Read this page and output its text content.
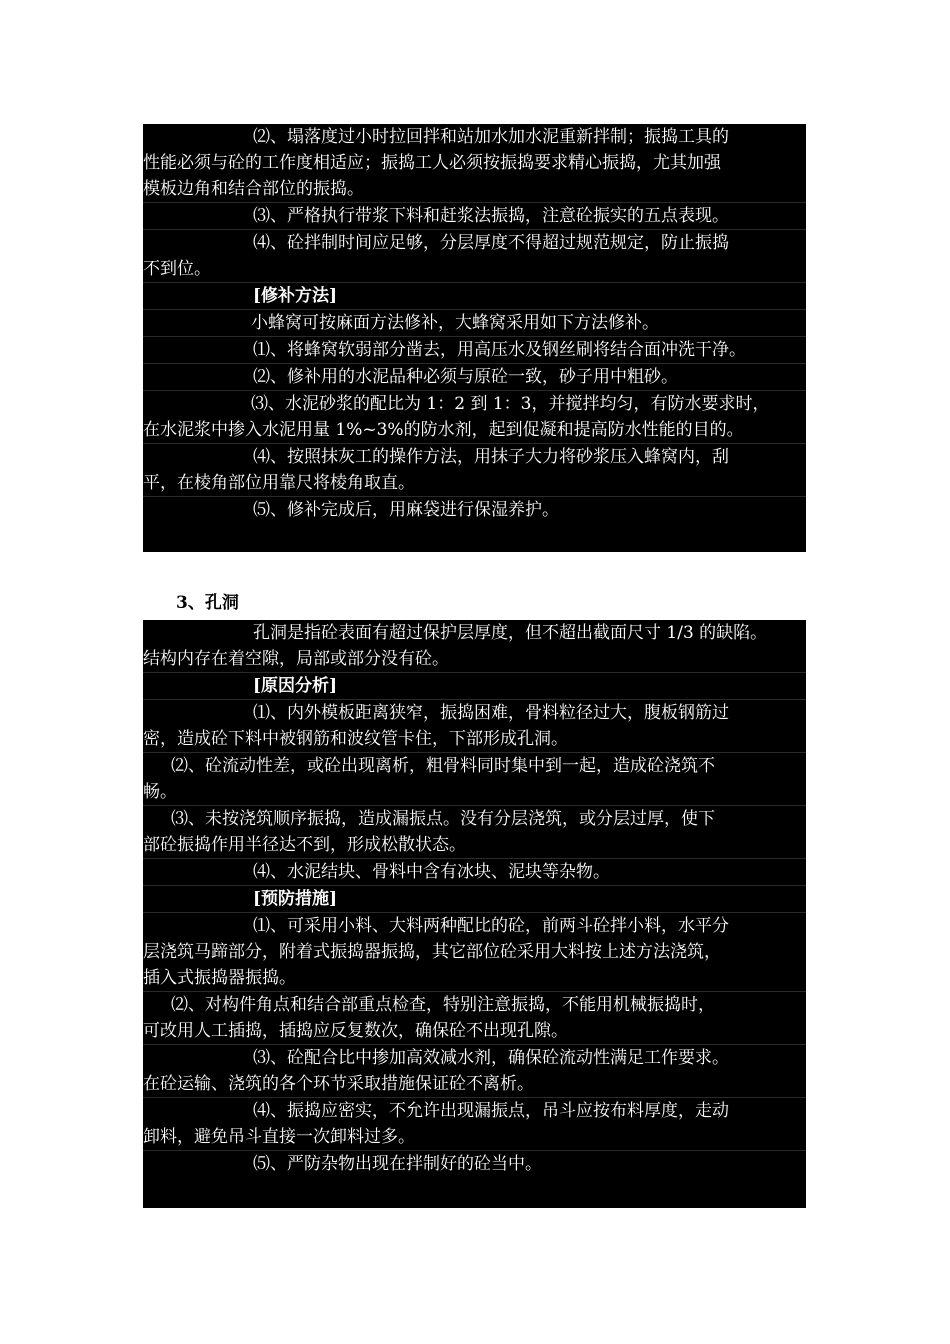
⑵、塌落度过小时拉回拌和站加水加水泥重新拌制；振捣工具的
性能必须与砼的工作度相适应；振捣工人必须按振捣要求精心振捣，尤其加强
模板边角和结合部位的振捣。
⑶、严格执行带浆下料和赶浆法振捣，注意砼振实的五点表现。
⑷、砼拌制时间应足够，分层厚度不得超过规范规定，防止振捣
不到位。
[修补方法]
小蜂窝可按麻面方法修补，大蜂窝采用如下方法修补。
⑴、将蜂窝软弱部分凿去，用高压水及钢丝刷将结合面冲洗干净。
⑵、修补用的水泥品种必须与原砼一致，砂子用中粗砂。
⑶、水泥砂浆的配比为 1：2 到 1：3，并搅拌均匀，有防水要求时，
在水泥浆中掺入水泥用量 1%~3%的防水剂，起到促凝和提高防水性能的目的。
⑷、按照抹灰工的操作方法，用抹子大力将砂浆压入蜂窝内，刮
平，在棱角部位用靠尺将棱角取直。
⑸、修补完成后，用麻袋进行保湿养护。
3、孔洞
孔洞是指砼表面有超过保护层厚度，但不超出截面尺寸 1/3 的缺陷。
结构内存在着空隙，局部或部分没有砼。
[原因分析]
⑴、内外模板距离狭窄，振捣困难，骨料粒径过大，腹板钢筋过
密，造成砼下料中被钢筋和波纹管卡住，下部形成孔洞。
⑵、砼流动性差，或砼出现离析，粗骨料同时集中到一起，造成砼浇筑不
畅。
⑶、未按浇筑顺序振捣，造成漏振点。没有分层浇筑，或分层过厚，使下
部砼振捣作用半径达不到，形成松散状态。
⑷、水泥结块、骨料中含有冰块、泥块等杂物。
[预防措施]
⑴、可采用小料、大料两种配比的砼，前两斗砼拌小料，水平分
层浇筑马蹄部分，附着式振捣器振捣，其它部位砼采用大料按上述方法浇筑，
插入式振捣器振捣。
⑵、对构件角点和结合部重点检查，特别注意振捣，不能用机械振捣时，
可改用人工插捣，插捣应反复数次，确保砼不出现孔隙。
⑶、砼配合比中掺加高效减水剂，确保砼流动性满足工作要求。
在砼运输、浇筑的各个环节采取措施保证砼不离析。
⑷、振捣应密实，不允许出现漏振点，吊斗应按布料厚度，走动
卸料，避免吊斗直接一次卸料过多。
⑸、严防杂物出现在拌制好的砼当中。
